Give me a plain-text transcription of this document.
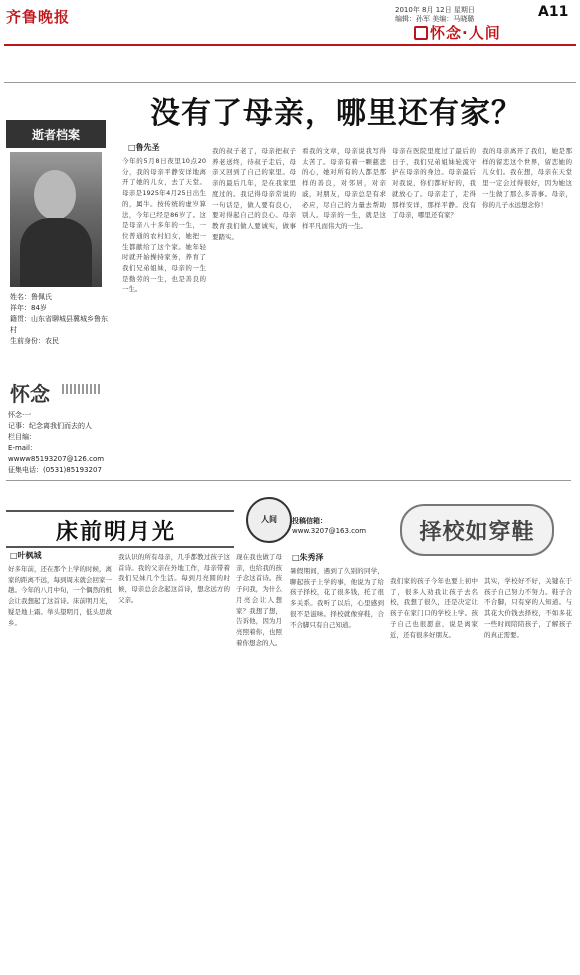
齐鲁晚报	2010年 8月 12日 星期日
编辑：孙军 美编：马晓璐	A11
怀念·人间
没有了母亲，哪里还有家？
逝者档案
姓名：鲁佩氏
祥年：84岁
籍贯：山东省聊城县冀城乡鲁东村
生前身份：农民
怀念
怀念·一
记事：纪念离我们而去的人
栏目编：
E-mail：wwww85193207@126.com
征集电话：(0531)85193207
□鲁先圣
今年的5月8日夜里10点20分，我的母亲平静安详地离开了她的儿女，去了天堂。母亲是1925年4月25日出生的，属牛。按传统的虚岁算法，今年已经是86岁了。这是母亲八十多年的一生，一位普通的农村妇女，她把一生都献给了这个家。她年轻时就开始操持家务，养育了我们兄弟姐妹，母亲的一生是勤劳的一生，也是善良的一生。
我的叔子老了，母亲把叔子养老送终，待叔子走后，母亲又回到了自己的家里。母亲的最后几年，是在我家里度过的。我记得母亲常说的一句话是，做人要有良心，要对得起自己的良心。母亲教育我们做人要诚实，做事要踏实。
看我的文章，母亲说我写得太苦了。母亲有着一颗慈悲的心，她对所有的人都是那样的善良，对邻居，对亲戚，对朋友，母亲总是有求必应，尽自己的力量去帮助别人。母亲的一生，就是这样平凡而伟大的一生。
母亲在医院里度过了最后的日子，我们兄弟姐妹轮流守护在母亲的身边。母亲最后对我说，你们都好好的，我就放心了。母亲走了，走得那样安详，那样平静。没有了母亲，哪里还有家？
我的母亲离开了我们，她是那样的留恋这个世界，留恋她的儿女们。我在想，母亲在天堂里一定会过得很好，因为她这一生做了那么多善事。母亲，你的儿子永远想念你！
床前明月光
□叶枫城
好多年前，还在那个上学的时候，离家的距离不远，每到周末就会回家一趟。今年的八月中旬，一个偶然的机会让我想起了这首诗。床前明月光，疑是地上霜。举头望明月，低头思故乡。
我认识的所有母亲，几乎都教过孩子这首诗。我的父亲在外地工作，母亲带着我们兄妹几个生活。每到月亮圆的时候，母亲总会念起这首诗，想念远方的父亲。
现在我也做了母亲，也给我的孩子念这首诗。孩子问我，为什么月亮会让人想家？我想了想，告诉他，因为月亮照着你，也照着你想念的人。
人间	投稿信箱：
www.3207@163.com	择校如穿鞋
□朱秀泽
暑假期间，遇到了久别的同学，聊起孩子上学的事，他说为了给孩子择校，花了很多钱，托了很多关系。我听了以后，心里感到很不是滋味。择校就像穿鞋，合不合脚只有自己知道。
我们家的孩子今年也要上初中了，很多人劝我让孩子去名校，我想了很久，还是决定让孩子在家门口的学校上学。孩子自己也很愿意，说是离家近，还有很多好朋友。
其实，学校好不好，关键在于孩子自己努力不努力。鞋子合不合脚，只有穿的人知道。与其花大价钱去择校，不如多花一些时间陪陪孩子，了解孩子的真正需要。
